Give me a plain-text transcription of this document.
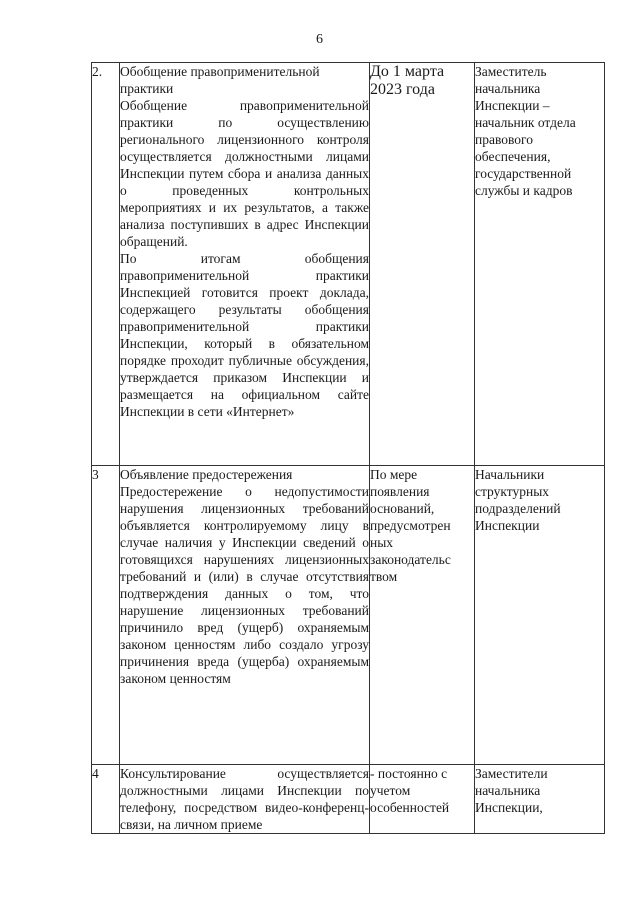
6
2.	Обобщение правоприменительной практики
Обобщение правоприменительной практики по осуществлению регионального лицензионного контроля осуществляется должностными лицами Инспекции путем сбора и анализа данных о проведенных контрольных мероприятиях и их результатов, а также анализа поступивших в адрес Инспекции обращений.
По итогам обобщения правоприменительной практики Инспекцией готовится проект доклада, содержащего результаты обобщения правоприменительной практики Инспекции, который в обязательном порядке проходит публичные обсуждения, утверждается приказом Инспекции и размещается на официальном сайте Инспекции в сети «Интернет»	До 1 марта 2023 года	Заместитель начальника Инспекции – начальник отдела правового обеспечения, государственной службы и кадров

3	Объявление предостережения
Предостережение о недопустимости нарушения лицензионных требований объявляется контролируемому лицу в случае наличия у Инспекции сведений о готовящихся нарушениях лицензионных требований и (или) в случае отсутствия подтверждения данных о том, что нарушение лицензионных требований причинило вред (ущерб) охраняемым законом ценностям либо создало угрозу причинения вреда (ущерба) охраняемым законом ценностям	По мере появления оснований, предусмотрен ных законодательс твом	Начальники структурных подразделений Инспекции

4	Консультирование осуществляется должностными лицами Инспекции по телефону, посредством видео-конференц-связи, на личном приеме	- постоянно с учетом особенностей	Заместители начальника Инспекции,
